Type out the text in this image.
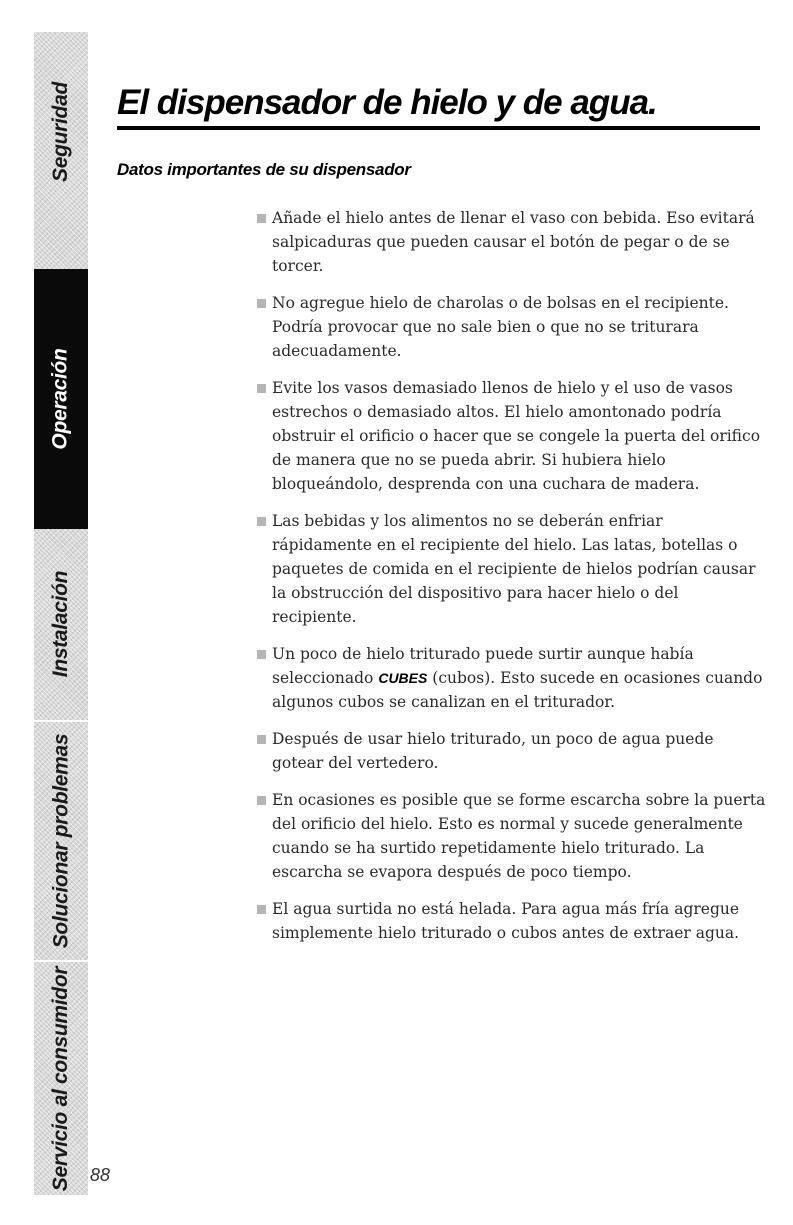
Seguridad
Operación
Instalación
Solucionar problemas
Servicio al consumidor 88
El dispensador de hielo y de agua.
Datos importantes de su dispensador
Añade el hielo antes de llenar el vaso con bebida. Eso evitará salpicaduras que pueden causar el botón de pegar o de se torcer.
No agregue hielo de charolas o de bolsas en el recipiente. Podría provocar que no sale bien o que no se triturara adecuadamente.
Evite los vasos demasiado llenos de hielo y el uso de vasos estrechos o demasiado altos. El hielo amontonado podría obstruir el orificio o hacer que se congele la puerta del orifico de manera que no se pueda abrir. Si hubiera hielo bloqueándolo, desprenda con una cuchara de madera.
Las bebidas y los alimentos no se deberán enfriar rápidamente en el recipiente del hielo. Las latas, botellas o paquetes de comida en el recipiente de hielos podrían causar la obstrucción del dispositivo para hacer hielo o del recipiente.
Un poco de hielo triturado puede surtir aunque había seleccionado CUBES (cubos). Esto sucede en ocasiones cuando algunos cubos se canalizan en el triturador.
Después de usar hielo triturado, un poco de agua puede gotear del vertedero.
En ocasiones es posible que se forme escarcha sobre la puerta del orificio del hielo. Esto es normal y sucede generalmente cuando se ha surtido repetidamente hielo triturado. La escarcha se evapora después de poco tiempo.
El agua surtida no está helada. Para agua más fría agregue simplemente hielo triturado o cubos antes de extraer agua.
